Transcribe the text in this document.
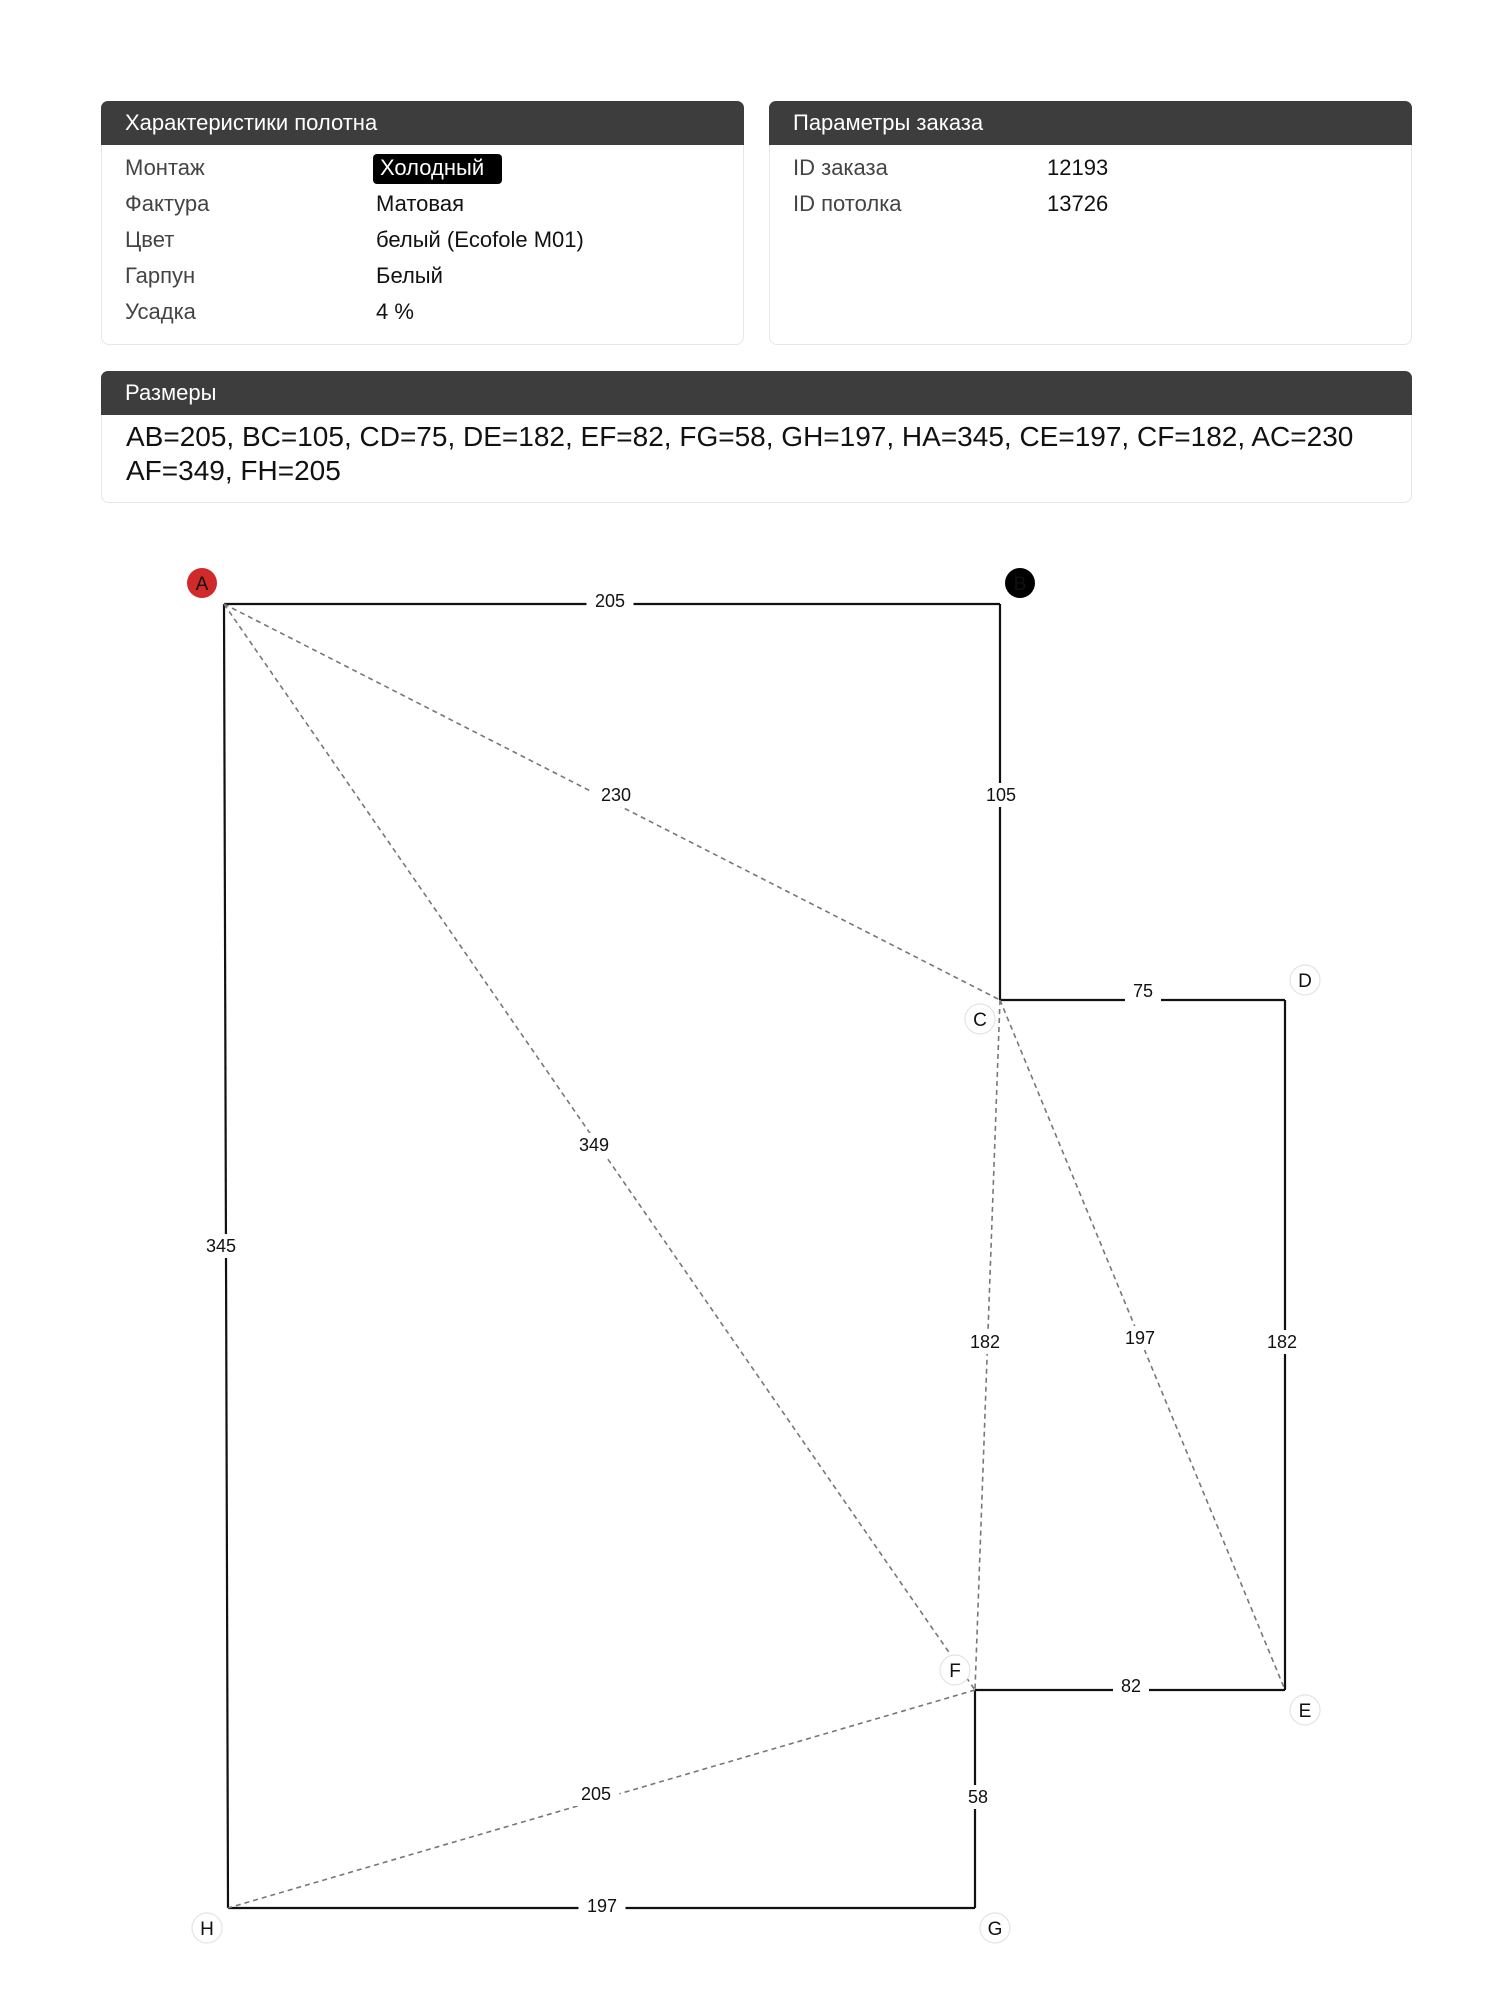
Характеристики полотна
Монтаж	Холодный
Фактура	Матовая
Цвет	белый (Ecofole M01)
Гарпун	Белый
Усадка	4 %
Параметры заказа
ID заказа	12193
ID потолка	13726
Размеры
AB=205, BC=105, CD=75, DE=182, EF=82, FG=58, GH=197, HA=345, CE=197, CF=182, AC=230
AF=349, FH=205
205
105
75
182
82
58
197
345
230
349
197
182
205
A	B
C
D
E
F
G
H
